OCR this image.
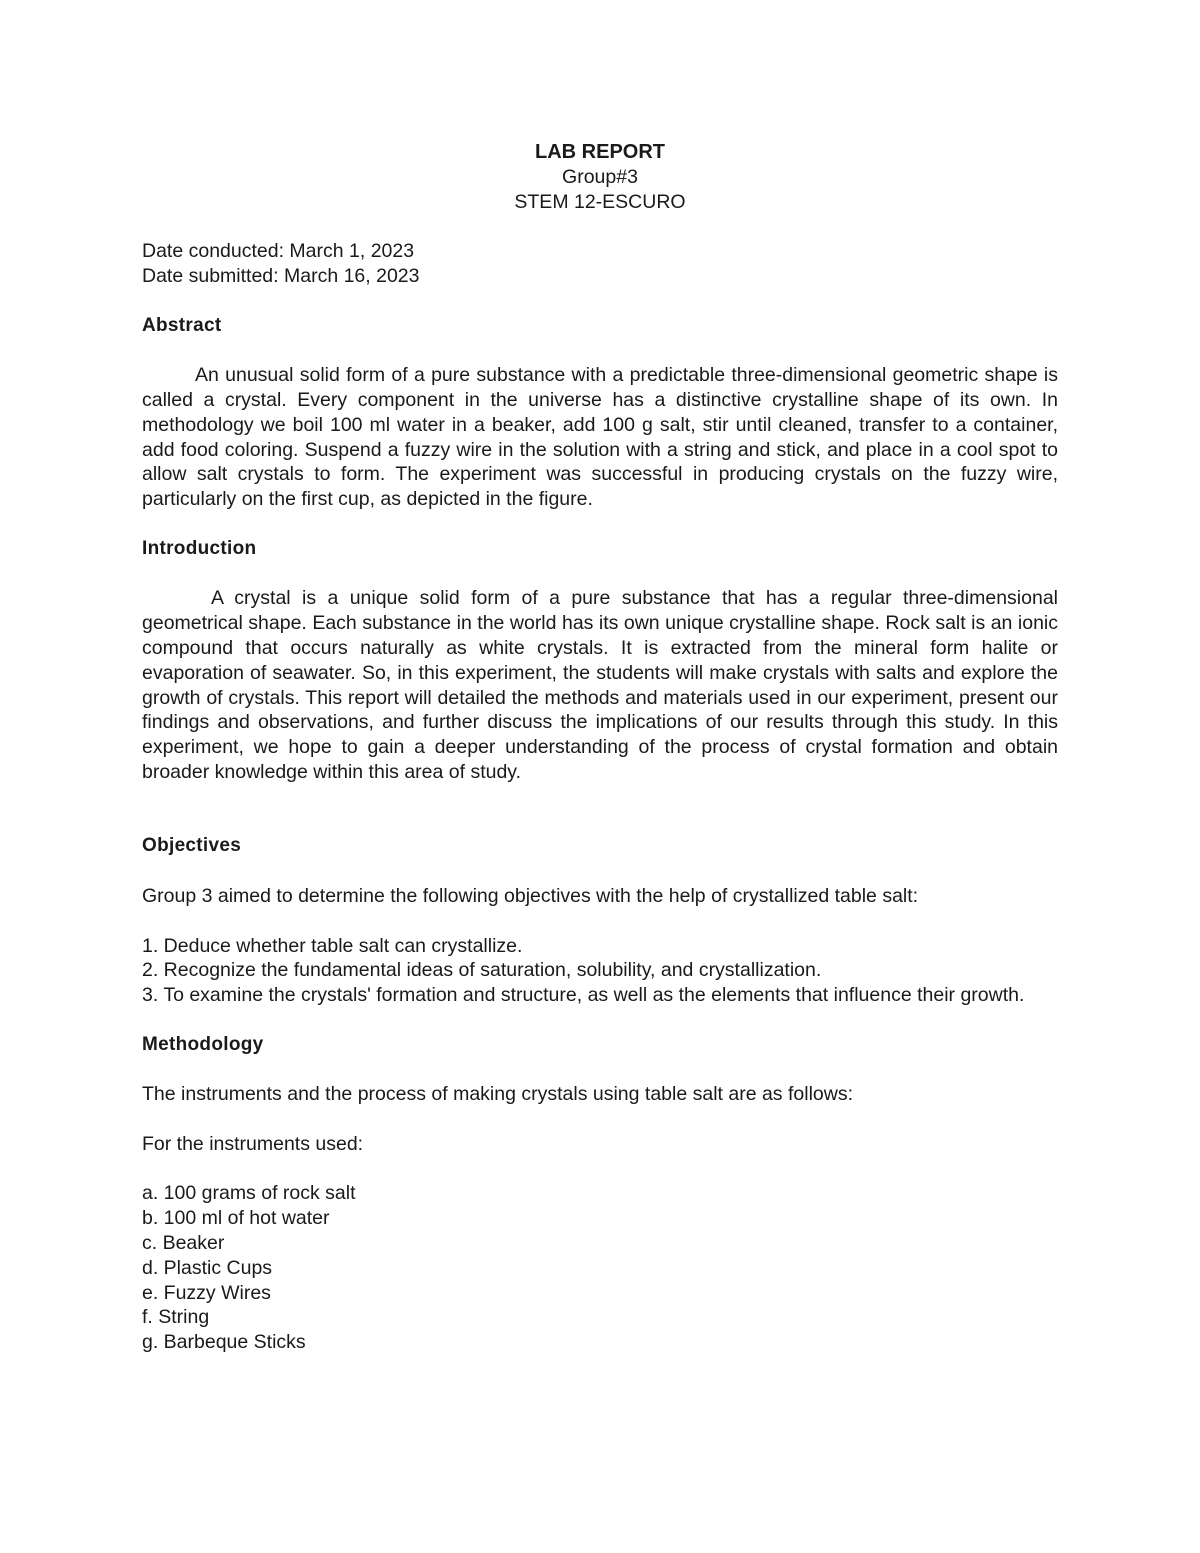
LAB REPORT
Group#3
STEM 12-ESCURO
Date conducted: March 1, 2023
Date submitted: March 16, 2023
Abstract

An unusual solid form of a pure substance with a predictable three-dimensional geometric shape is called a crystal. Every component in the universe has a distinctive crystalline shape of its own. In methodology we boil 100 ml water in a beaker, add 100 g salt, stir until cleaned, transfer to a container, add food coloring. Suspend a fuzzy wire in the solution with a string and stick, and place in a cool spot to allow salt crystals to form. The experiment was successful in producing crystals on the fuzzy wire, particularly on the first cup, as depicted in the figure.

Introduction

A crystal is a unique solid form of a pure substance that has a regular three-dimensional geometrical shape. Each substance in the world has its own unique crystalline shape. Rock salt is an ionic compound that occurs naturally as white crystals. It is extracted from the mineral form halite or evaporation of seawater. So, in this experiment, the students will make crystals with salts and explore the growth of crystals. This report will detailed the methods and materials used in our experiment, present our findings and observations, and further discuss the implications of our results through this study. In this experiment, we hope to gain a deeper understanding of the process of crystal formation and obtain broader knowledge within this area of study.

Objectives

Group 3 aimed to determine the following objectives with the help of crystallized table salt:

1. Deduce whether table salt can crystallize.
2. Recognize the fundamental ideas of saturation, solubility, and crystallization.
3. To examine the crystals' formation and structure, as well as the elements that influence their growth.
Methodology

The instruments and the process of making crystals using table salt are as follows:

For the instruments used:

a. 100 grams of rock salt
b. 100 ml of hot water
c. Beaker
d. Plastic Cups
e. Fuzzy Wires
f. String
g. Barbeque Sticks
